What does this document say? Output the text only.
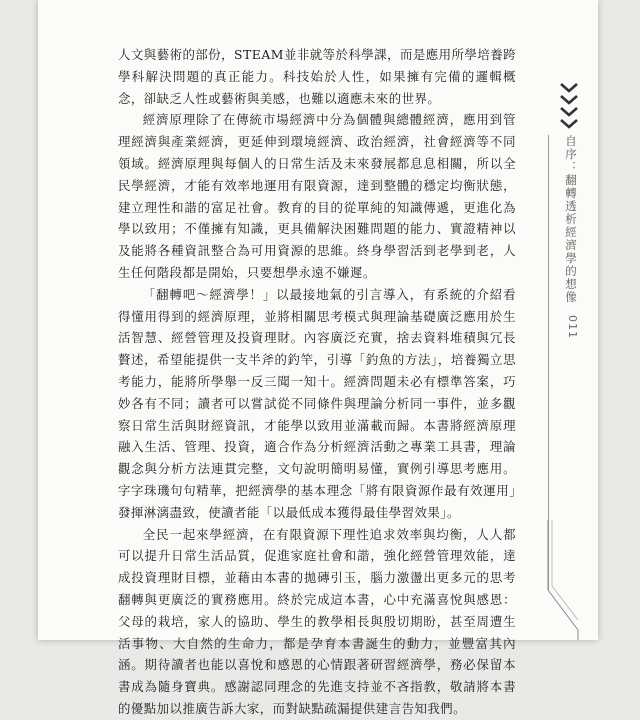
人文與藝術的部份，STEAM並非就等於科學課，而是應用所學培養跨學科解決問題的真正能力。科技始於人性，如果擁有完備的邏輯概念，卻缺乏人性或藝術與美感，也難以適應未來的世界。

經濟原理除了在傳統市場經濟中分為個體與總體經濟，應用到管理經濟與產業經濟，更延伸到環境經濟、政治經濟，社會經濟等不同領域。經濟原理與每個人的日常生活及未來發展都息息相關，所以全民學經濟，才能有效率地運用有限資源，達到整體的穩定均衡狀態，建立理性和諧的富足社會。教育的目的從單純的知識傳遞，更進化為學以致用；不僅擁有知識，更具備解決困難問題的能力、實證精神以及能將各種資訊整合為可用資源的思維。終身學習活到老學到老，人生任何階段都是開始，只要想學永遠不嫌遲。

「翻轉吧～經濟學！」以最接地氣的引言導入，有系統的介紹看得懂用得到的經濟原理，並將相關思考模式與理論基礎廣泛應用於生活智慧、經營管理及投資理財。內容廣泛充實，捨去資料堆積與冗長贅述，希望能提供一支半斧的釣竿，引導「釣魚的方法」，培養獨立思考能力，能將所學舉一反三聞一知十。經濟問題未必有標準答案，巧妙各有不同；讀者可以嘗試從不同條件與理論分析同一事件，並多觀察日常生活與財經資訊，才能學以致用並滿載而歸。本書將經濟原理融入生活、管理、投資，適合作為分析經濟活動之專業工具書，理論觀念與分析方法連貫完整，文句說明簡明易懂，實例引導思考應用。字字珠璣句句精華，把經濟學的基本理念「將有限資源作最有效運用」發揮淋漓盡致，使讀者能「以最低成本獲得最佳學習效果」。

全民一起來學經濟，在有限資源下理性追求效率與均衡，人人都可以提升日常生活品質，促進家庭社會和諧，強化經營管理效能，達成投資理財目標，並藉由本書的拋磚引玉，腦力激盪出更多元的思考翻轉與更廣泛的實務應用。終於完成這本書，心中充滿喜悅與感恩：父母的栽培，家人的協助、學生的教學相長與殷切期盼，甚至周遭生活事物、大自然的生命力，都是孕育本書誕生的動力，並豐富其內涵。期待讀者也能以喜悅和感恩的心情跟著研習經濟學，務必保留本書成為隨身寶典。感謝認同理念的先進支持並不吝指教，敬請將本書的優點加以推廣告訴大家，而對缺點疏漏提供建言告知我們。

自序：翻轉透析經濟學的想像
011
